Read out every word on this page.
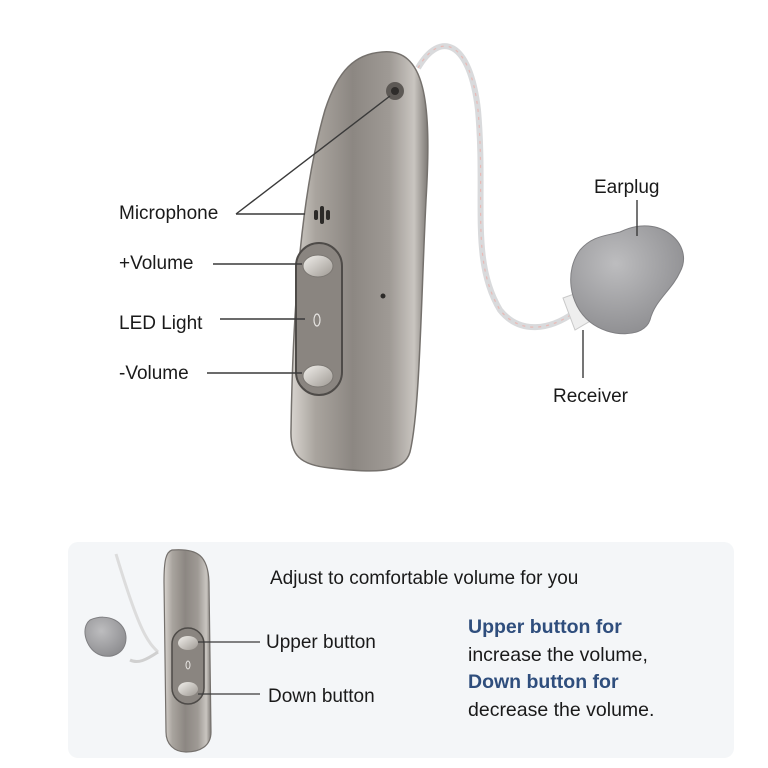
Microphone
+Volume
LED Light
-Volume
Earplug
Receiver
Adjust to comfortable volume for you
Upper button
Down button
Upper button for
increase the volume,
Down button for
decrease the volume.
